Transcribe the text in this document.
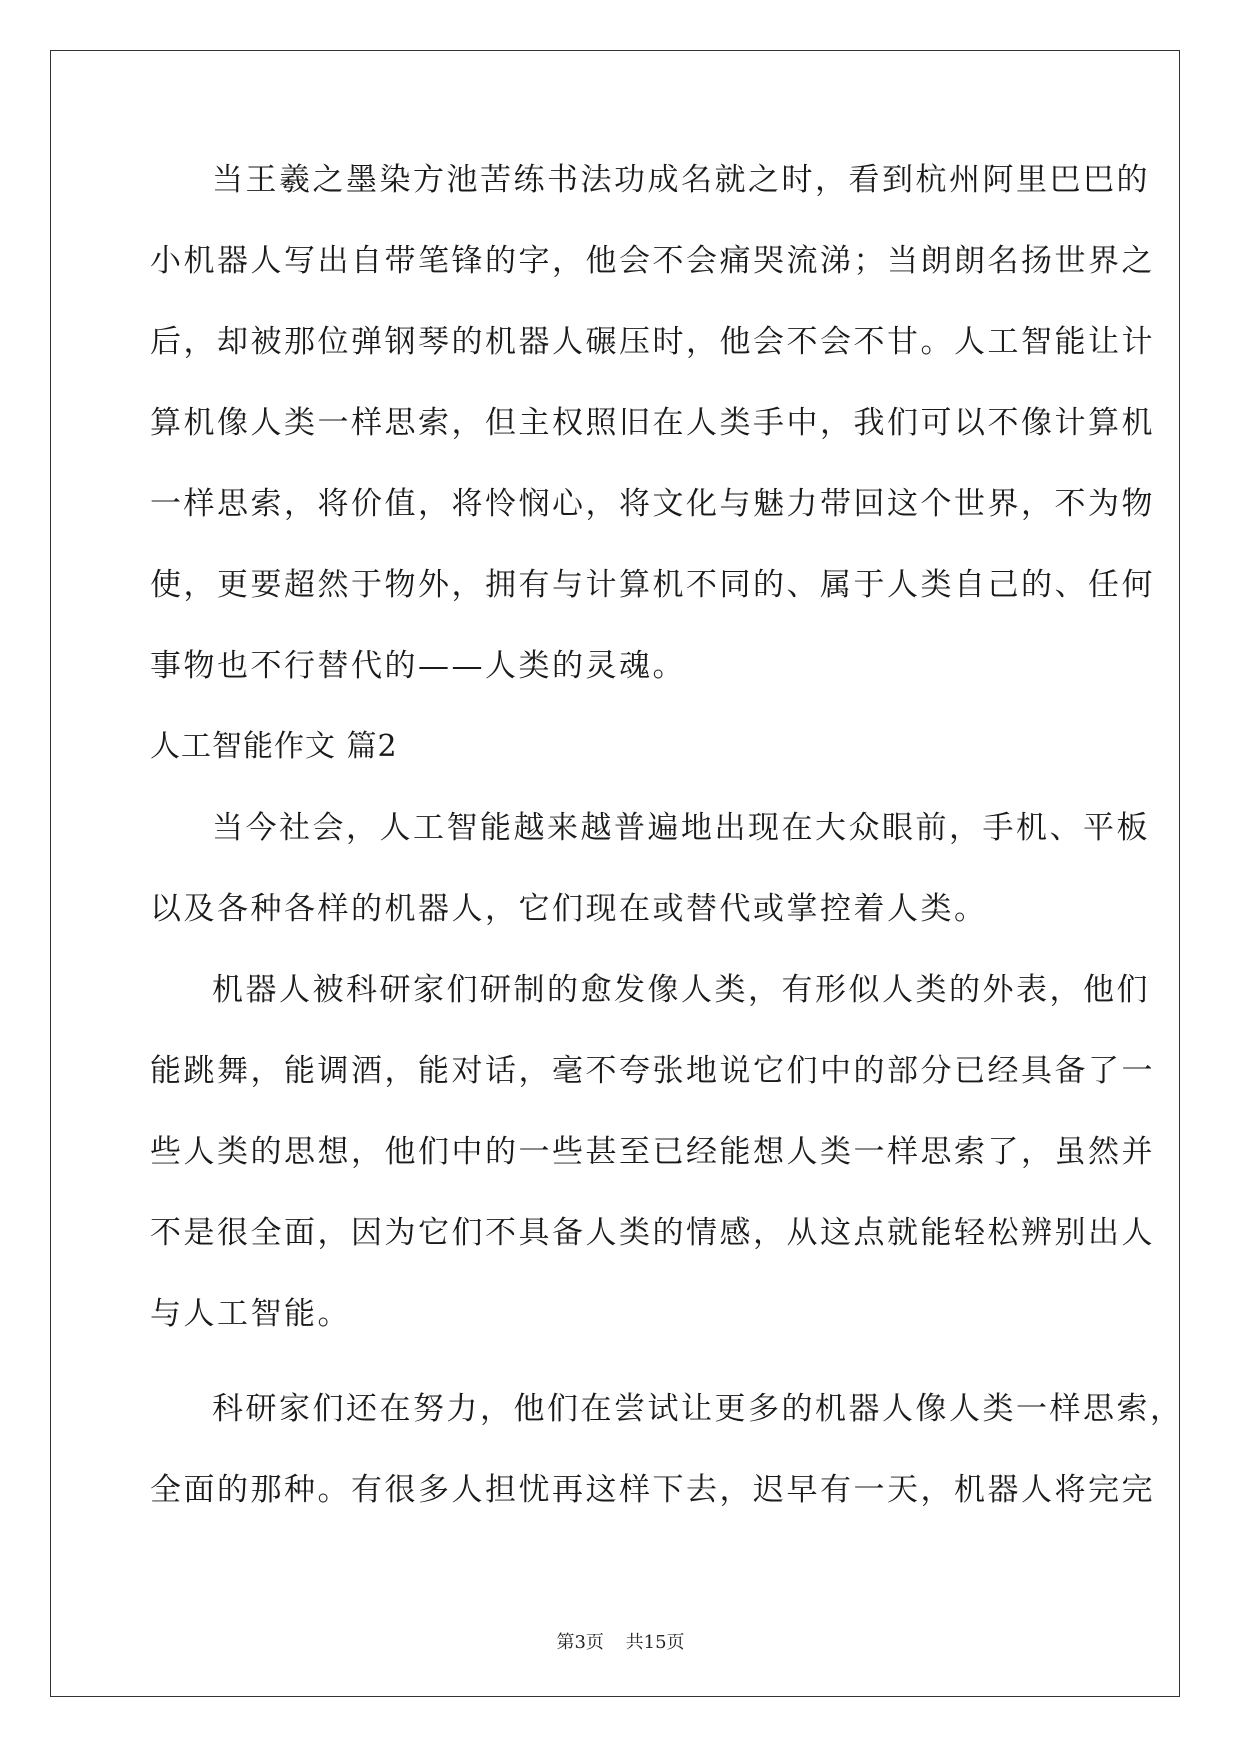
当王羲之墨染方池苦练书法功成名就之时，看到杭州阿里巴巴的
小机器人写出自带笔锋的字，他会不会痛哭流涕；当朗朗名扬世界之
后，却被那位弹钢琴的机器人碾压时，他会不会不甘。人工智能让计
算机像人类一样思索，但主权照旧在人类手中，我们可以不像计算机
一样思索，将价值，将怜悯心，将文化与魅力带回这个世界，不为物
使，更要超然于物外，拥有与计算机不同的、属于人类自己的、任何
事物也不行替代的——人类的灵魂。
人工智能作文 篇2
当今社会，人工智能越来越普遍地出现在大众眼前，手机、平板
以及各种各样的机器人，它们现在或替代或掌控着人类。
机器人被科研家们研制的愈发像人类，有形似人类的外表，他们
能跳舞，能调酒，能对话，毫不夸张地说它们中的部分已经具备了一
些人类的思想，他们中的一些甚至已经能想人类一样思索了，虽然并
不是很全面，因为它们不具备人类的情感，从这点就能轻松辨别出人
与人工智能。
科研家们还在努力，他们在尝试让更多的机器人像人类一样思索，
全面的那种。有很多人担忧再这样下去，迟早有一天，机器人将完完
第3页 共15页
